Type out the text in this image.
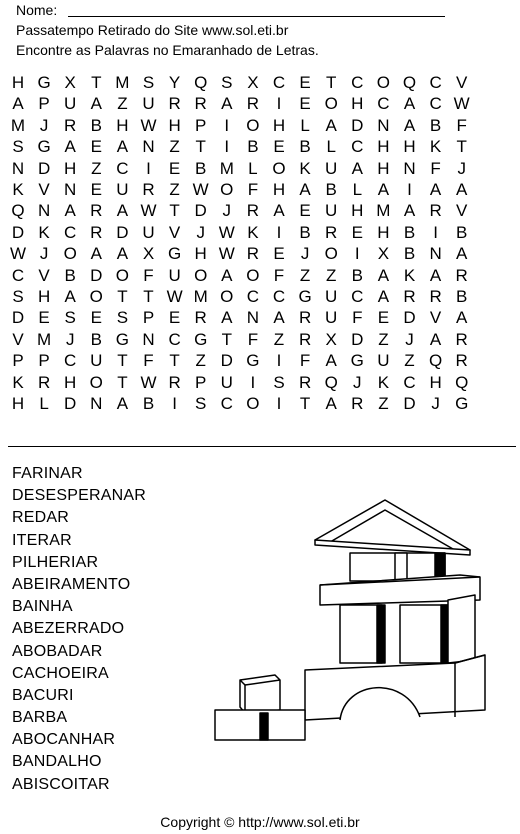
Nome:
Passatempo Retirado do Site www.sol.eti.br
Encontre as Palavras no Emaranhado de Letras.
H G X T M S Y Q S X C E T C O Q C V
A P U A Z U R R A R	I	E O H C A C W
M J R B H W H P	I	O H L A D N A B F
S G A E A N Z T	I	B E B L C H H K T
N D H Z C	I	E B M L O K U A H N F J
K V N E U R Z W O F H A B L A	I	A A
Q N A R A W T D J R A E U H M A R V
D K C R D U V J W K	I	B R E H B	I	B
W J O A A X G H W R E J O	I	X B N A
C V B D O F U O A O F Z Z B A K A R
S H A O T T W M O C C G U C A R R B
D E S E S P E R A N A R U F E D V A
V M J B G N C G T F Z R X D Z J A R
P P C U T F T Z D G	I	F A G U Z Q R
K R H O T W R P U	I	S R Q J K C H Q
H L D N A B	I	S C O	I	T A R Z D J G
FARINAR
DESESPERANAR
REDAR
ITERAR
PILHERIAR
ABEIRAMENTO
BAINHA
ABEZERRADO
ABOBADAR
CACHOEIRA
BACURI
BARBA
ABOCANHAR
BANDALHO
ABISCOITAR
Copyright © http://www.sol.eti.br
